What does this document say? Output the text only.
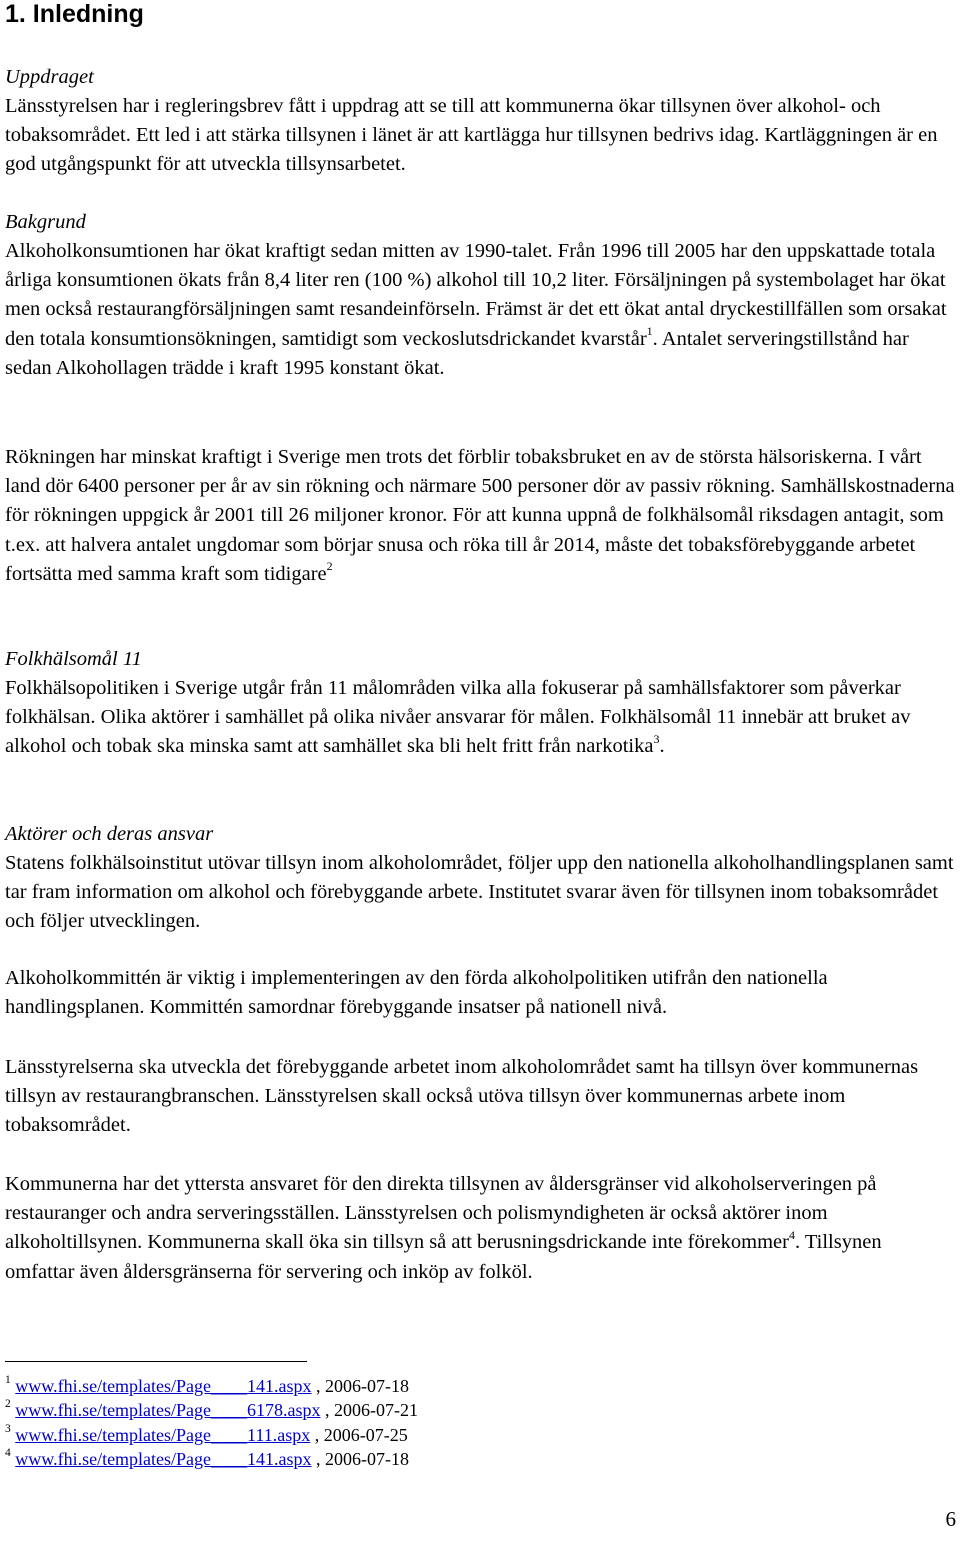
1. Inledning
Uppdraget

Länsstyrelsen har i regleringsbrev fått i uppdrag att se till att kommunerna ökar tillsynen över alkohol- och tobaksområdet. Ett led i att stärka tillsynen i länet är att kartlägga hur tillsynen bedrivs idag. Kartläggningen är en god utgångspunkt för att utveckla tillsynsarbetet.

Bakgrund

Alkoholkonsumtionen har ökat kraftigt sedan mitten av 1990-talet. Från 1996 till 2005 har den uppskattade totala årliga konsumtionen ökats från 8,4 liter ren (100 %) alkohol till 10,2 liter. Försäljningen på systembolaget har ökat men också restaurangförsäljningen samt resandeinförseln. Främst är det ett ökat antal dryckestillfällen som orsakat den totala konsumtionsökningen, samtidigt som veckoslutsdrickandet kvarstår$^1$. Antalet serveringstillstånd har sedan Alkohollagen trädde i kraft 1995 konstant ökat.

Rökningen har minskat kraftigt i Sverige men trots det förblir tobaksbruket en av de största hälsoriskerna. I vårt land dör 6400 personer per år av sin rökning och närmare 500 personer dör av passiv rökning. Samhällskostnaderna för rökningen uppgick år 2001 till 26 miljoner kronor. För att kunna uppnå de folkhälsomål riksdagen antagit, som t.ex. att halvera antalet ungdomar som börjar snusa och röka till år 2014, måste det tobaksförebyggande arbetet fortsätta med samma kraft som tidigare$^2$

Folkhälsomål 11

Folkhälsopolitiken i Sverige utgår från 11 målområden vilka alla fokuserar på samhällsfaktorer som påverkar folkhälsan. Olika aktörer i samhället på olika nivåer ansvarar för målen. Folkhälsomål 11 innebär att bruket av alkohol och tobak ska minska samt att samhället ska bli helt fritt från narkotika$^3$.

Aktörer och deras ansvar

Statens folkhälsoinstitut utövar tillsyn inom alkoholområdet, följer upp den nationella alkoholhandlingsplanen samt tar fram information om alkohol och förebyggande arbete. Institutet svarar även för tillsynen inom tobaksområdet och följer utvecklingen.

Alkoholkommittén är viktig i implementeringen av den förda alkoholpolitiken utifrån den nationella handlingsplanen. Kommittén samordnar förebyggande insatser på nationell nivå.

Länsstyrelserna ska utveckla det förebyggande arbetet inom alkoholområdet samt ha tillsyn över kommunernas tillsyn av restaurangbranschen. Länsstyrelsen skall också utöva tillsyn över kommunernas arbete inom tobaksområdet.

Kommunerna har det yttersta ansvaret för den direkta tillsynen av åldersgränser vid alkoholserveringen på restauranger och andra serveringsställen. Länsstyrelsen och polismyndigheten är också aktörer inom alkoholtillsynen. Kommunerna skall öka sin tillsyn så att berusningsdrickande inte förekommer$^4$. Tillsynen omfattar även åldersgränserna för servering och inköp av folköl.

$^1$ www.fhi.se/templates/Page____141.aspx , 2006-07-18
$^2$ www.fhi.se/templates/Page____6178.aspx , 2006-07-21
$^3$ www.fhi.se/templates/Page____111.aspx , 2006-07-25
$^4$ www.fhi.se/templates/Page____141.aspx , 2006-07-18
6
